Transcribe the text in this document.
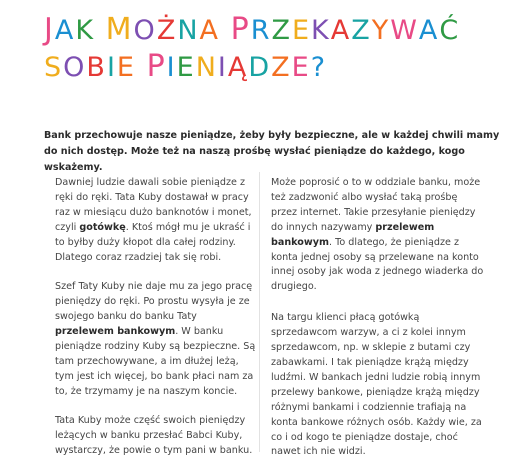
JAK MOŻNA PRZEKAZYWAĆ
SOBIE PIENIĄDZE?
Bank przechowuje nasze pieniądze, żeby były bezpieczne, ale w każdej chwili mamy do nich dostęp. Może też na naszą prośbę wysłać pieniądze do każdego, kogo wskażemy.

Dawniej ludzie dawali sobie pieniądze z ręki do ręki. Tata Kuby dostawał w pracy raz w miesiącu dużo banknotów i monet, czyli gotówkę. Ktoś mógł mu je ukraść i to byłby duży kłopot dla całej rodziny. Dlatego coraz rzadziej tak się robi.

Szef Taty Kuby nie daje mu za jego pracę pieniędzy do ręki. Po prostu wysyła je ze swojego banku do banku Taty przelewem bankowym. W banku pieniądze rodziny Kuby są bezpieczne. Są tam przechowywane, a im dłużej leżą, tym jest ich więcej, bo bank płaci nam za to, że trzymamy je na naszym koncie.

Tata Kuby może część swoich pieniędzy leżących w banku przesłać Babci Kuby, wystarczy, że powie o tym pani w banku.

Może poprosić o to w oddziale banku, może też zadzwonić albo wysłać taką prośbę przez internet. Takie przesyłanie pieniędzy do innych nazywamy przelewem bankowym. To dlatego, że pieniądze z konta jednej osoby są przelewane na konto innej osoby jak woda z jednego wiaderka do drugiego.

Na targu klienci płacą gotówką sprzedawcom warzyw, a ci z kolei innym sprzedawcom, np. w sklepie z butami czy zabawkami. I tak pieniądze krążą między ludźmi. W bankach jedni ludzie robią innym przelewy bankowe, pieniądze krążą między różnymi bankami i codziennie trafiają na konta bankowe różnych osób. Każdy wie, za co i od kogo te pieniądze dostaje, choć nawet ich nie widzi.
